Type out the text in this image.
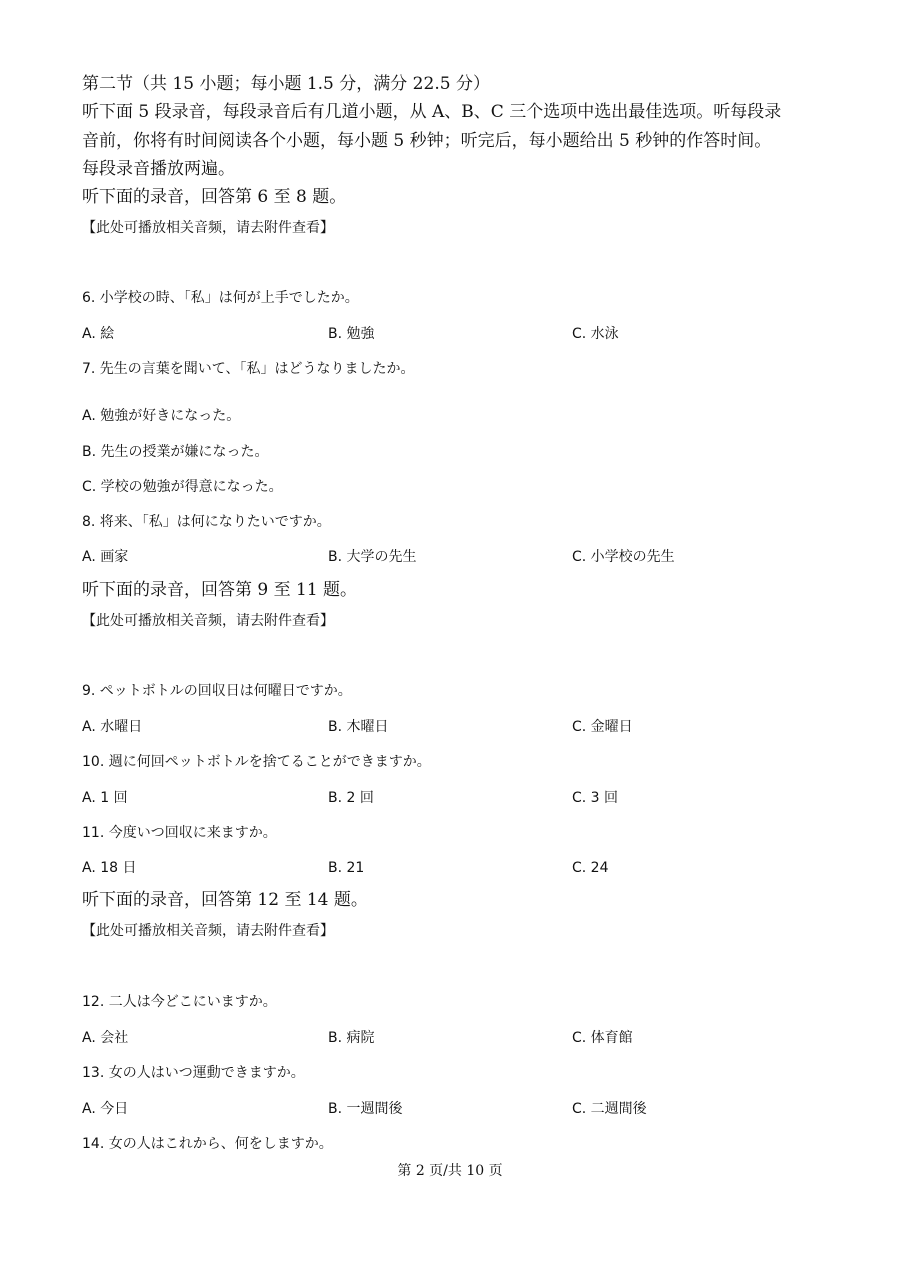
第二节（共 15 小题；每小题 1.5 分，满分 22.5 分）
听下面 5 段录音，每段录音后有几道小题，从 A、B、C 三个选项中选出最佳选项。听每段录
音前，你将有时间阅读各个小题，每小题 5 秒钟；听完后，每小题给出 5 秒钟的作答时间。
每段录音播放两遍。
听下面的录音，回答第 6 至 8 题。
【此处可播放相关音频，请去附件查看】
6. 小学校の時、「私」は何が上手でしたか。
A. 絵	B. 勉強	C. 水泳
7. 先生の言葉を聞いて、「私」はどうなりましたか。
A. 勉強が好きになった。
B. 先生の授業が嫌になった。
C. 学校の勉強が得意になった。
8. 将来、「私」は何になりたいですか。
A. 画家	B. 大学の先生	C. 小学校の先生
听下面的录音，回答第 9 至 11 题。
【此处可播放相关音频，请去附件查看】
9. ペットボトルの回収日は何曜日ですか。
A. 水曜日	B. 木曜日	C. 金曜日
10. 週に何回ペットボトルを捨てることができますか。
A. 1 回	B. 2 回	C. 3 回
11. 今度いつ回収に来ますか。
A. 18 日	B. 21	C. 24
听下面的录音，回答第 12 至 14 题。
【此处可播放相关音频，请去附件查看】
12. 二人は今どこにいますか。
A. 会社	B. 病院	C. 体育館
13. 女の人はいつ運動できますか。
A. 今日	B. 一週間後	C. 二週間後
14. 女の人はこれから、何をしますか。
第 2 页/共 10 页
